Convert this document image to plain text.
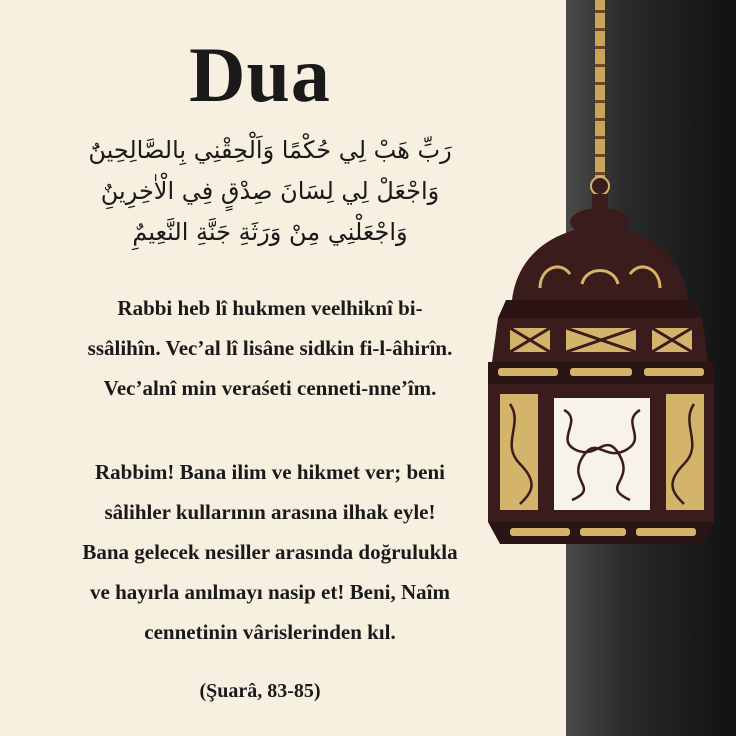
Dua
رَبِّ هَبْ لِي حُكْمًا وَاَلْحِقْنِي بِالصَّالِحِينٌَ
وَاجْعَلْ لِي لِسَانَ صِدْقٍ فِي الْاٰخِرِينٌِ
وَاجْعَلْنِي مِنْ وَرَثَةِ جَنَّةِ النَّعِيمٌِ
Rabbi heb lî hukmen veelhiknî bi-
ssâlihîn. Vec’al lî lisâne sidkin fi-l-âhirîn.
Vec’alnî min veraśeti cenneti-nne’îm.
Rabbim! Bana ilim ve hikmet ver; beni
sâlihler kullarının arasına ilhak eyle!
Bana gelecek nesiller arasında doğrulukla
ve hayırla anılmayı nasip et! Beni, Naîm
cennetinin vârislerinden kıl.
(Şuarâ, 83-85)
